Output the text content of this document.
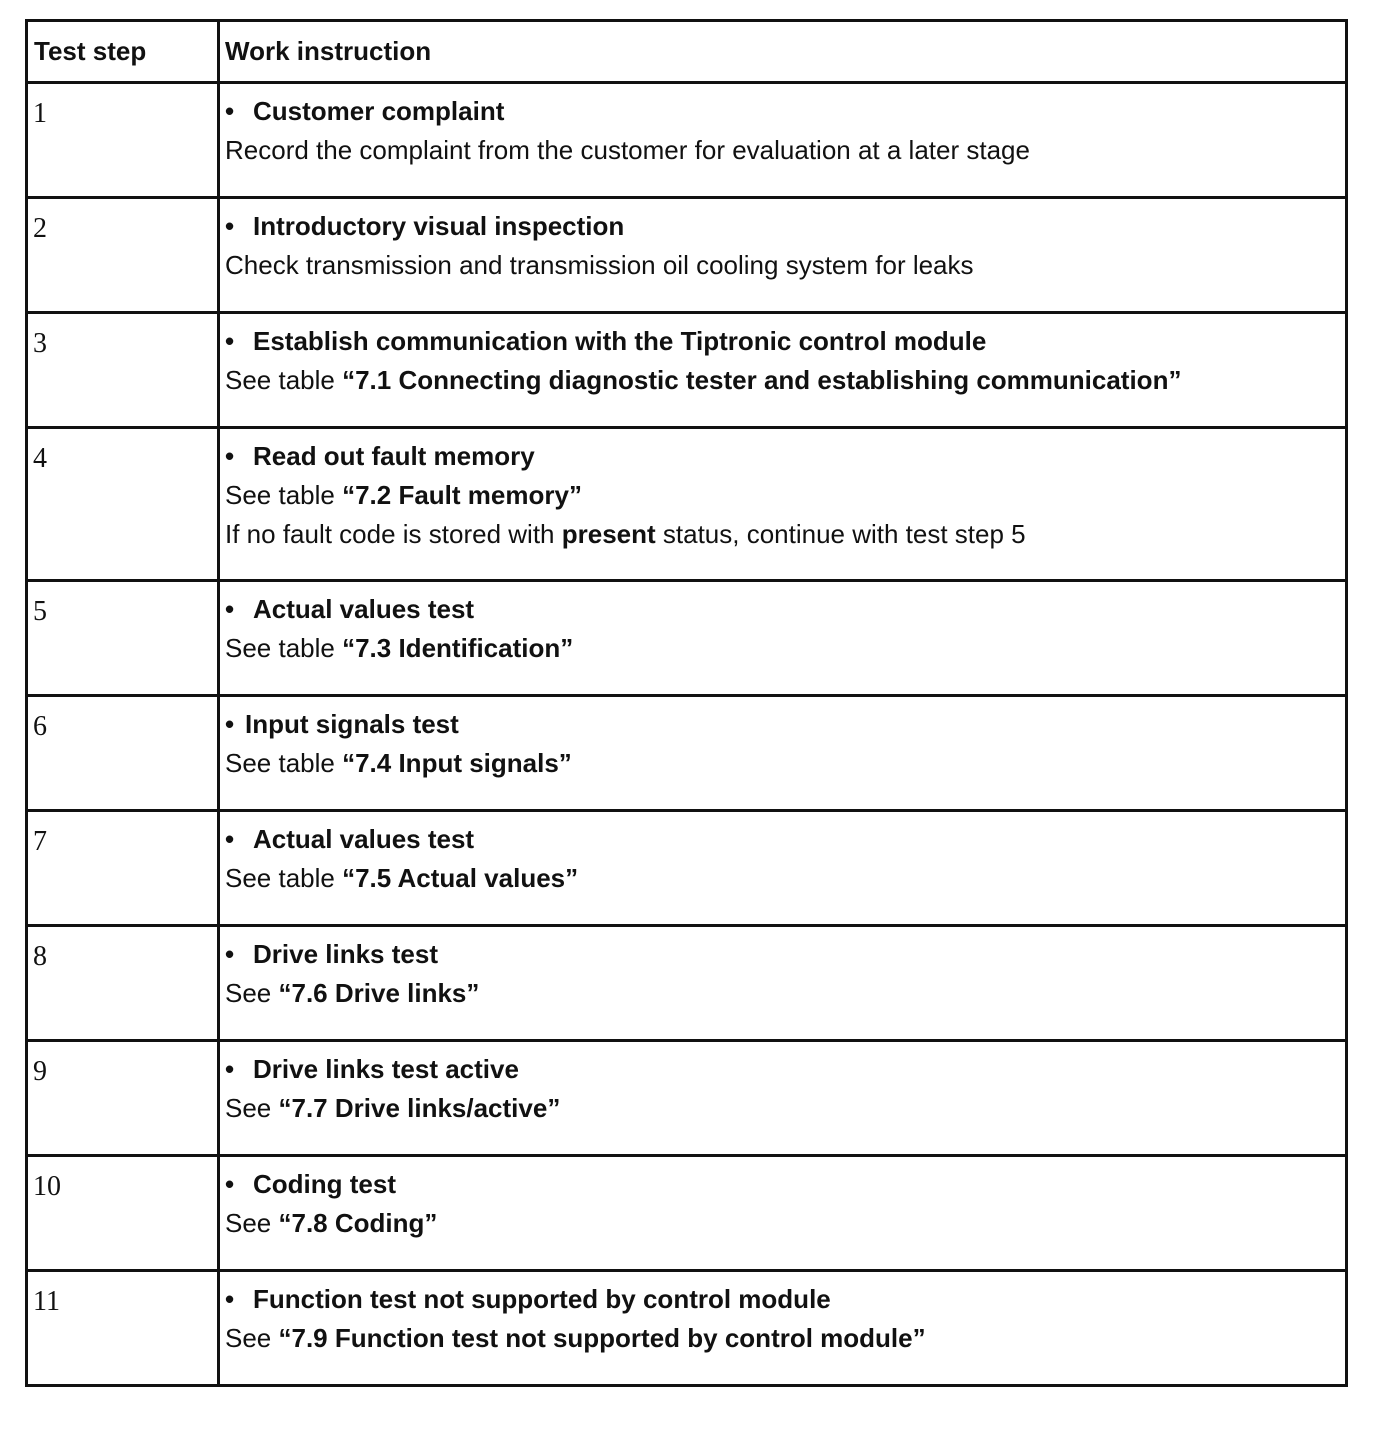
Test step	Work instruction
1	• Customer complaint
Record the complaint from the customer for evaluation at a later stage

2	• Introductory visual inspection
Check transmission and transmission oil cooling system for leaks

3	• Establish communication with the Tiptronic control module
See table “7.1 Connecting diagnostic tester and establishing communication”

4	• Read out fault memory
See table “7.2 Fault memory”
If no fault code is stored with present status, continue with test step 5

5	• Actual values test
See table “7.3 Identification”

6	• Input signals test
See table “7.4 Input signals”

7	• Actual values test
See table “7.5 Actual values”

8	• Drive links test
See “7.6 Drive links”

9	• Drive links test active
See “7.7 Drive links/active”

10	• Coding test
See “7.8 Coding”

11	• Function test not supported by control module
See “7.9 Function test not supported by control module”
